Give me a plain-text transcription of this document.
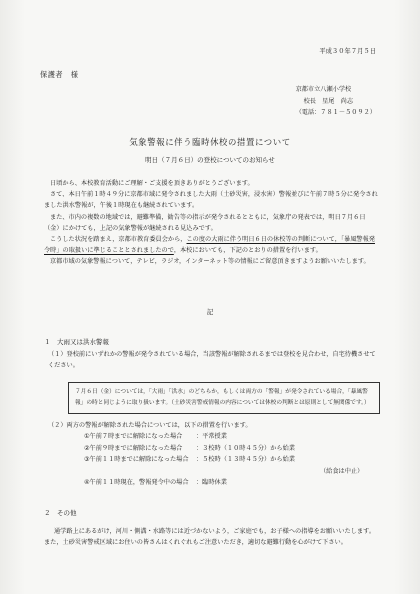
平成３０年７月５日
保護者　様
京都市立八瀬小学校
校長　星尾　尚志
（電話：７８１－５０９２）
気象警報に伴う臨時休校の措置について
明日（７月６日）の登校についてのお知らせ

日頃から、本校教育活動にご理解・ご支援を頂きありがとうございます。

さて、本日午前１時４９分に京都市域に発令されました大雨（土砂災害，浸水害）警報並びに午前７時５分に発令されました洪水警報が，午後１時現在も継続されています。

また、市内の複数の地域では，避難準備，勧告等の指示が発令されるとともに，気象庁の発表では，明日７月６日（金）にかけても，上記の気象警報が継続される見込みです。

こうした状況を踏まえ，京都市教育委員会から，この度の大雨に伴う明日６日の休校等の判断について，「暴風警報発令時」の取扱いに準じることとされましたので，本校においても，下記のとおりの措置を行います。

京都市域の気象警報について，テレビ，ラジオ，インターネット等の情報にご留意頂きますようお願いいたします。

記
１　大雨又は洪水警報
（１）登校前にいずれかの警報が発令されている場合，当該警報が解除されるまでは登校を見合わせ，自宅待機させてください。
７月６日（金）については，「大雨」「洪水」のどちらか，もしくは両方の「警報」が発令されている場合，「暴風警報」の時と同じように取り扱います。（土砂災害警戒情報の内容については休校の判断とは原則として無関係です。）
（２）両方の警報が解除された場合については，以下の措置を行います。
①午前７時までに解除になった場合 ：平常授業
②午前９時までに解除になった場合 ：３校時（１０時４５分）から始業
③午前１１時までに解除になった場合 ：５校時（１３時４５分）から始業
（給食は中止）
④午前１１時現在，警報発令中の場合 ：臨時休業
２　その他

通学路上にあるがけ，河川・側溝・水路等には近づかないよう，ご家庭でも，お子様への指導をお願いいたします。また，土砂災害警戒区域にお住いの皆さんはくれぐれもご注意いただき，適切な避難行動を心がけて下さい。
